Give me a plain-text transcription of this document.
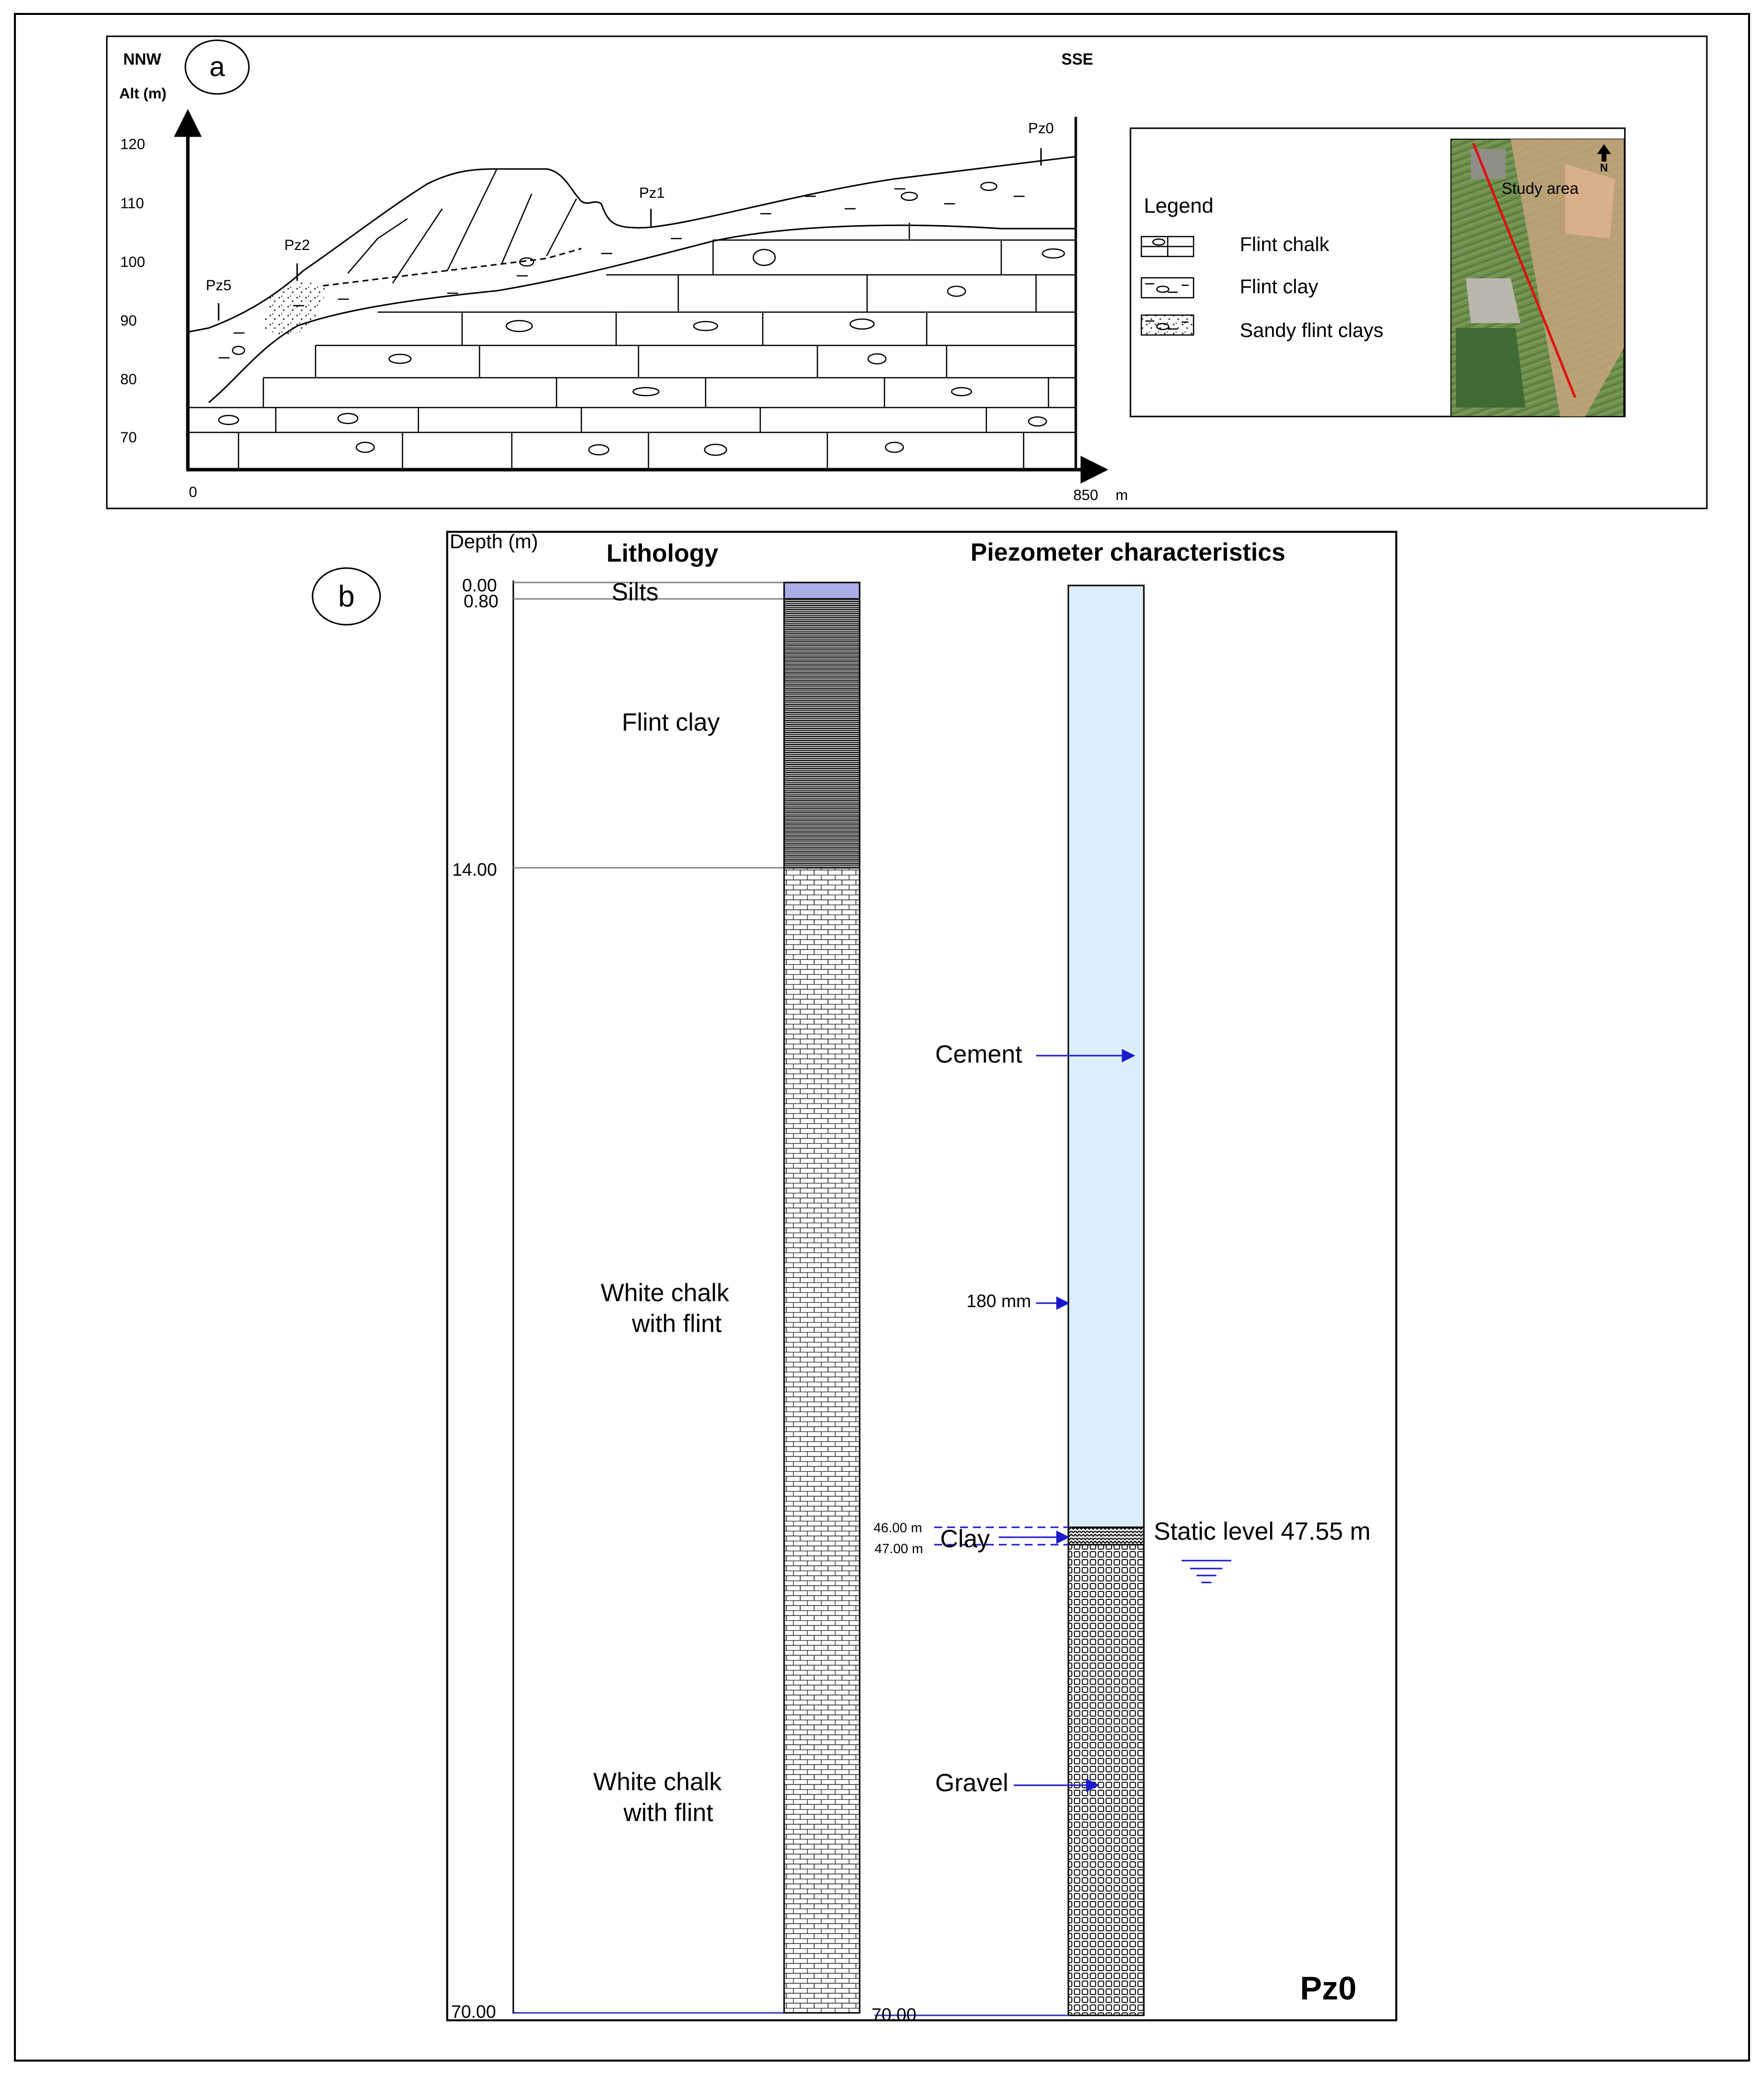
NNW	SSE
Alt (m)
a
120
110
100
90
80
70
0	850 m
Pz5
Pz2
Pz1
Pz0
Legend
Flint chalk
Flint clay
Sandy flint clays
Study area
N
b
Depth (m)	Lithology	Piezometer characteristics
0.00
0.80
14.00
70.00
Silts
Flint clay
White chalk with flint
White chalk with flint
Cement
180 mm
46.00 m
47.00 m Clay	Static level 47.55 m
Gravel
70.00
Pz0
